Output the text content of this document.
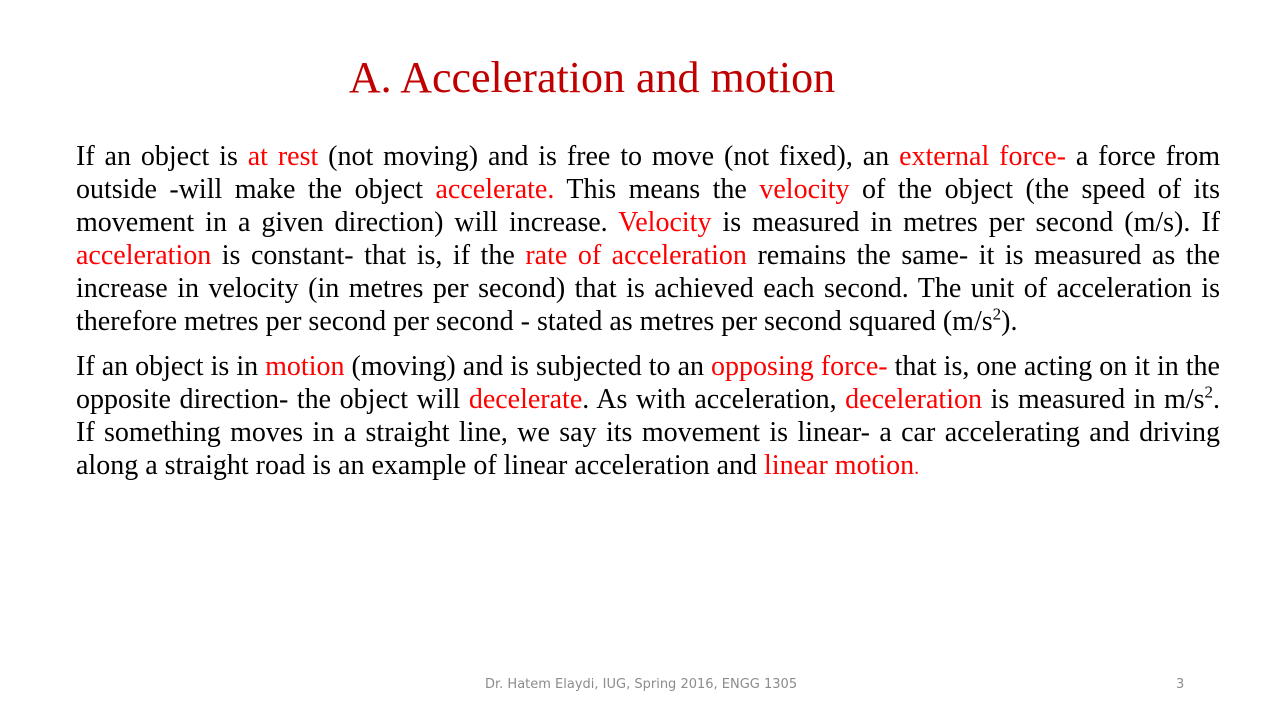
A. Acceleration and motion

If an object is at rest (not moving) and is free to move (not fixed), an external force- a force from outside -will make the object accelerate. This means the velocity of the object (the speed of its movement in a given direction) will increase. Velocity is measured in metres per second (m/s). If acceleration is constant- that is, if the rate of acceleration remains the same- it is measured as the increase in velocity (in metres per second) that is achieved each second. The unit of acceleration is therefore metres per second per second - stated as metres per second squared $(m/s^2)$.

If an object is in motion (moving) and is subjected to an opposing force- that is, one acting on it in the opposite direction- the object will decelerate. As with acceleration, deceleration is measured in $m/s^2$. If something moves in a straight line, we say its movement is linear- a car accelerating and driving along a straight road is an example of linear acceleration and linear motion.

Dr. Hatem Elaydi, IUG, Spring 2016, ENGG 1305	3
